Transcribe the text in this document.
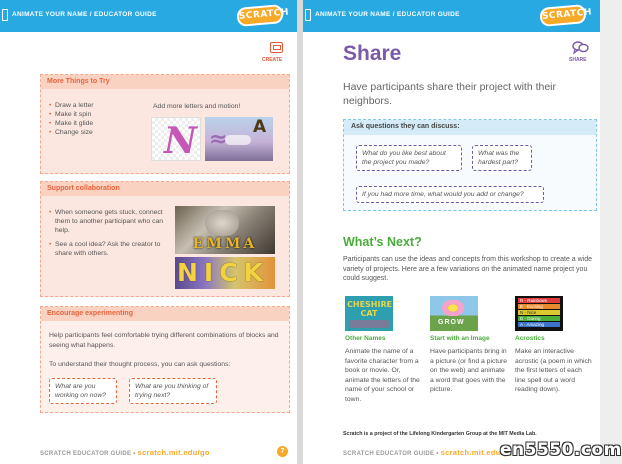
ANIMATE YOUR NAME / EDUCATOR GUIDE	SCRATCH
CREATE
More Things to Try
• Draw a letter
• Make it spin
• Make it glide
• Change size
Add more letters and motion!
N ≈ A
Support collaboration
• When someone gets stuck, connect them to another participant who can help.
• See a cool idea? Ask the creator to share with others.
EMMA
NICK
Encourage experimenting
Help participants feel comfortable trying different combinations of blocks and seeing what happens.
To understand their thought process, you can ask questions:
What are you working on now?
What are you thinking of trying next?
SCRATCH EDUCATOR GUIDE • scratch.mit.edu/go	7
ANIMATE YOUR NAME / EDUCATOR GUIDE	SCRATCH
Share	SHARE
Have participants share their project with their neighbors.
Ask questions they can discuss:
What do you like best about the project you made?
What was the hardest part?
If you had more time, what would you add or change?
What’s Next?
Participants can use the ideas and concepts from this workshop to create a wide variety of projects. Here are a few variations on the animated name project you could suggest.
CHESHIRE CAT
Other Names
Animate the name of a favorite character from a book or movie. Or, animate the letters of the name of your school or town.
GROW
Start with an Image
Have participants bring in a picture (or find a picture on the web) and animate a word that goes with the picture.
R - Rainbows
E - Exciting
N - Nice
D - Daring
A - Amazing
Acrostics
Make an interactive acrostic (a poem in which the first letters of each line spell out a word reading down).
Scratch is a project of the Lifelong Kindergarten Group at the MIT Media Lab.
SCRATCH EDUCATOR GUIDE • scratch.mit.edu/go
en5550.com
